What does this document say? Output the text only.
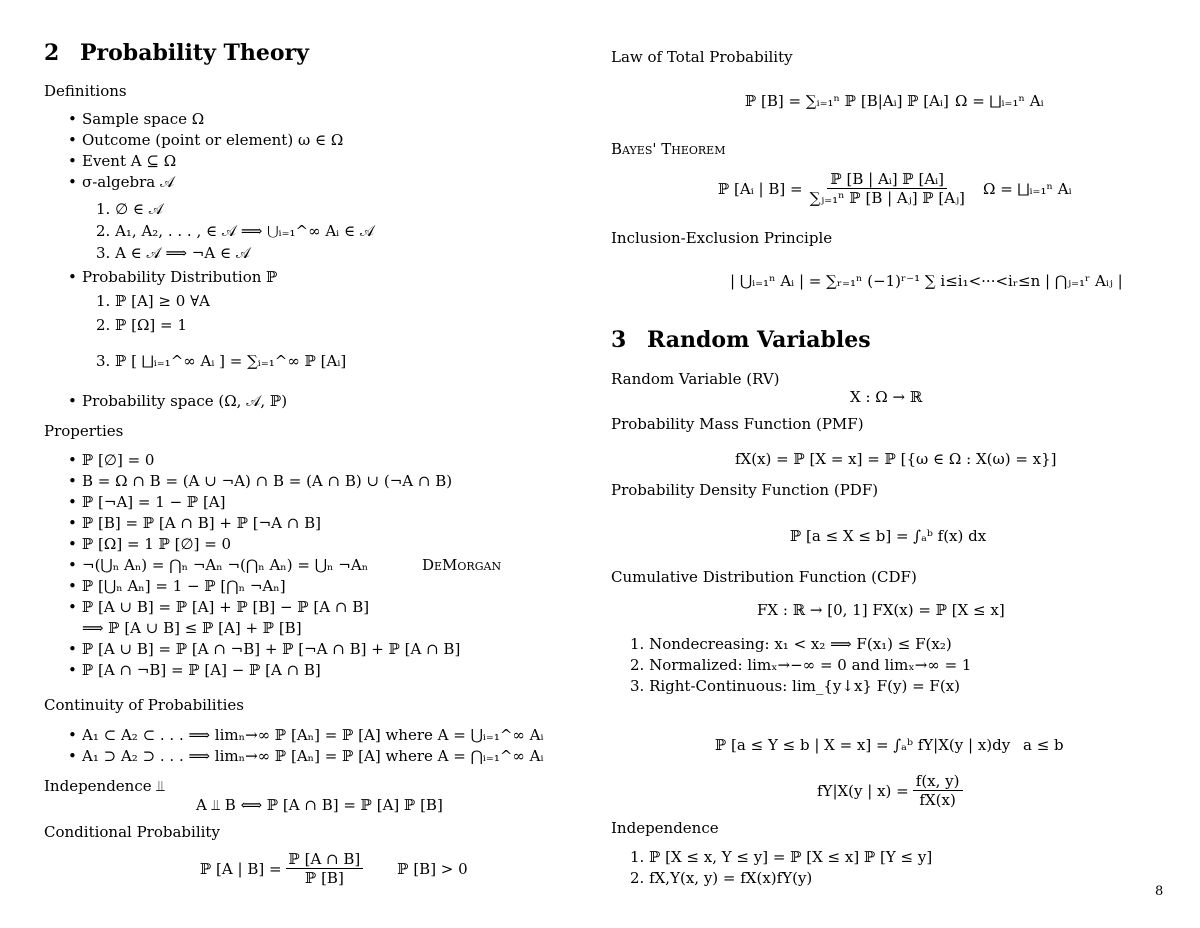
2 Probability Theory
Definitions
• Sample space Ω
• Outcome (point or element) ω ∈ Ω
• Event A ⊆ Ω
• σ-algebra 𝒜
1. ∅ ∈ 𝒜
2. A₁, A₂, . . . , ∈ 𝒜 ⟹ ⋃ᵢ₌₁^∞ Aᵢ ∈ 𝒜
3. A ∈ 𝒜 ⟹ ¬A ∈ 𝒜
• Probability Distribution ℙ
1. ℙ [A] ≥ 0 ∀A
2. ℙ [Ω] = 1
3. ℙ [ ⨆ᵢ₌₁^∞ Aᵢ ] = ∑ᵢ₌₁^∞ ℙ [Aᵢ]
• Probability space (Ω, 𝒜, ℙ)
Properties
• ℙ [∅] = 0
• B = Ω ∩ B = (A ∪ ¬A) ∩ B = (A ∩ B) ∪ (¬A ∩ B)
• ℙ [¬A] = 1 − ℙ [A]
• ℙ [B] = ℙ [A ∩ B] + ℙ [¬A ∩ B]
• ℙ [Ω] = 1 ℙ [∅] = 0
• ¬(⋃ₙ Aₙ) = ⋂ₙ ¬Aₙ ¬(⋂ₙ Aₙ) = ⋃ₙ ¬Aₙ	DeMorgan
• ℙ [⋃ₙ Aₙ] = 1 − ℙ [⋂ₙ ¬Aₙ]
• ℙ [A ∪ B] = ℙ [A] + ℙ [B] − ℙ [A ∩ B]
⟹ ℙ [A ∪ B] ≤ ℙ [A] + ℙ [B]
• ℙ [A ∪ B] = ℙ [A ∩ ¬B] + ℙ [¬A ∩ B] + ℙ [A ∩ B]
• ℙ [A ∩ ¬B] = ℙ [A] − ℙ [A ∩ B]
Continuity of Probabilities
• A₁ ⊂ A₂ ⊂ . . . ⟹ limₙ→∞ ℙ [Aₙ] = ℙ [A] where A = ⋃ᵢ₌₁^∞ Aᵢ
• A₁ ⊃ A₂ ⊃ . . . ⟹ limₙ→∞ ℙ [Aₙ] = ℙ [A] where A = ⋂ᵢ₌₁^∞ Aᵢ
Independence ⫫
A ⫫ B ⟺ ℙ [A ∩ B] = ℙ [A] ℙ [B]
Conditional Probability
ℙ [A | $B] = \frac{\text{ℙ [A ∩ B]}}{\text{ℙ [B]}}$ ℙ [B] > 0
Law of Total Probability
ℙ [B] = ∑ᵢ₌₁ⁿ ℙ [B|Aᵢ] ℙ [Aᵢ] Ω = ⨆ᵢ₌₁ⁿ Aᵢ
Bayes' Theorem
ℙ [Aᵢ | $B] = \frac{\text{ℙ [B | Aᵢ] ℙ [Aᵢ]}}{\text{∑ⱼ₌₁ⁿ ℙ [B | Aⱼ] ℙ [Aⱼ]}}$ Ω = ⨆ᵢ₌₁ⁿ Aᵢ
Inclusion-Exclusion Principle
| ⋃ᵢ₌₁ⁿ Aᵢ | = ∑ᵣ₌₁ⁿ (−1)ʳ⁻¹ ∑ i≤i₁<···<iᵣ≤n | ⋂ⱼ₌₁ʳ Aᵢⱼ |
3 Random Variables
Random Variable (RV)
X : Ω → ℝ
Probability Mass Function (PMF)
fX(x) = ℙ [X = x] = ℙ [{ω ∈ Ω : X(ω) = x}]
Probability Density Function (PDF)
ℙ [a ≤ X ≤ b] = ∫ₐᵇ f(x) dx
Cumulative Distribution Function (CDF)
FX : ℝ → [0, 1] FX(x) = ℙ [X ≤ x]
1. Nondecreasing: x₁ < x₂ ⟹ F(x₁) ≤ F(x₂)
2. Normalized: limₓ→−∞ = 0 and limₓ→∞ = 1
3. Right-Continuous: lim_{y↓x} F(y) = F(x)
ℙ [a ≤ Y ≤ b | X = x] = ∫ₐᵇ fY|X(y | x)dy a ≤ b
fY|X(y | $x) = \frac{f(x, y)}{fX(x)}$
Independence
1. ℙ [X ≤ x, Y ≤ y] = ℙ [X ≤ x] ℙ [Y ≤ y]
2. fX,Y(x, y) = fX(x)fY(y)
8
